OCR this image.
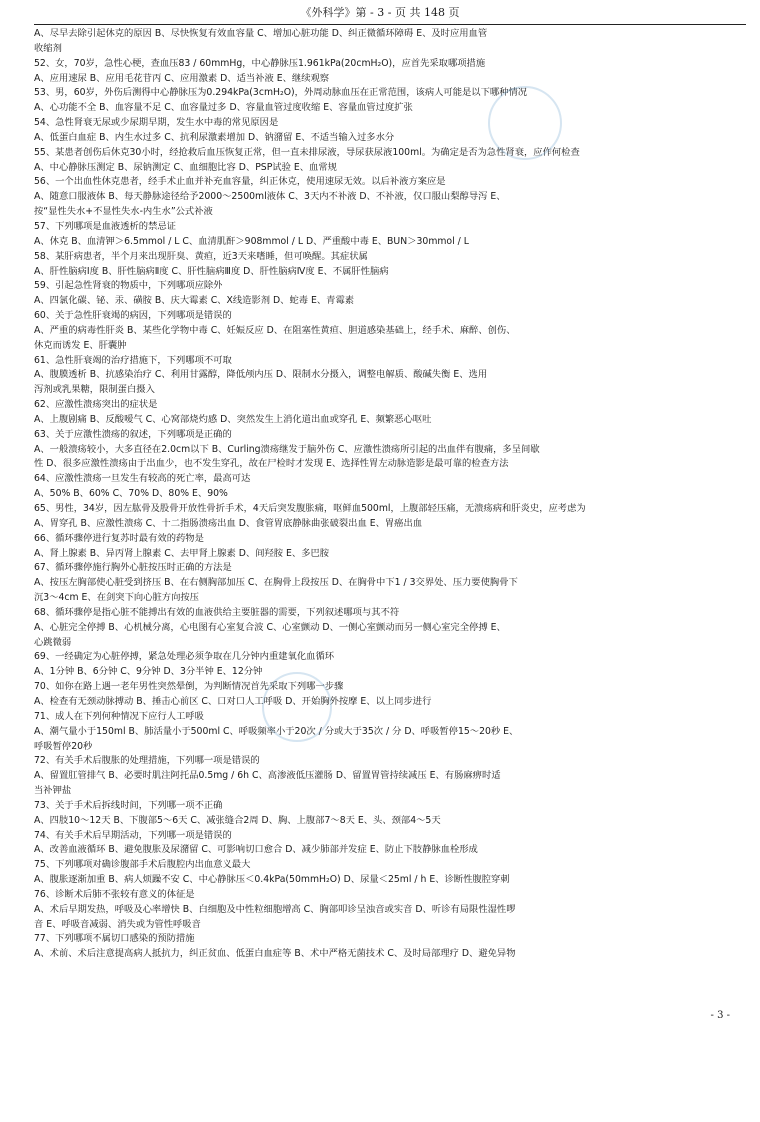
《外科学》第 - 3 - 页 共 148 页
A、尽早去除引起休克的原因 B、尽快恢复有效血容量 C、增加心脏功能 D、纠正微循环障碍 E、及时应用血管
收缩剂
52、女，70岁，急性心梗，查血压83 / 60mmHg，中心静脉压1.961kPa(20cmH₂O)，应首先采取哪项措施
A、应用速尿 B、应用毛花苷丙 C、应用激素 D、适当补液 E、继续观察
53、男，60岁，外伤后测得中心静脉压为0.294kPa(3cmH₂O)，外周动脉血压在正常范围，该病人可能是以下哪种情况
A、心功能不全 B、血容量不足 C、血容量过多 D、容量血管过度收缩 E、容量血管过度扩张
54、急性肾衰无尿或少尿期早期，发生水中毒的常见原因是
A、低蛋白血症 B、内生水过多 C、抗利尿激素增加 D、钠潴留 E、不适当输入过多水分
55、某患者创伤后休克30小时，经抢救后血压恢复正常，但一直未排尿液，导尿获尿液100ml。为确定是否为急性肾衰，应作何检查
A、中心静脉压测定 B、尿钠测定 C、血细胞比容 D、PSP试验 E、血常规
56、一个出血性休克患者，经手术止血并补充血容量，纠正休克，使用速尿无效。以后补液方案应是
A、随意口服液体 B、每天静脉途径给予2000～2500ml液体 C、3天内不补液 D、不补液，仅口服山梨醇导泻 E、
按“显性失水+不显性失水-内生水”公式补液
57、下列哪项是血液透析的禁忌证
A、休克 B、血清钾＞6.5mmol / L C、血清肌酐＞908mmol / L D、严重酸中毒 E、BUN＞30mmol / L
58、某肝病患者，半个月来出现肝臭、黄疸，近3天来嗜睡，但可唤醒。其症状属
A、肝性脑病Ⅰ度 B、肝性脑病Ⅱ度 C、肝性脑病Ⅲ度 D、肝性脑病Ⅳ度 E、不属肝性脑病
59、引起急性肾衰的物质中，下列哪项应除外
A、四氯化碳、铋、汞、磺胺 B、庆大霉素 C、X线造影剂 D、蛇毒 E、青霉素
60、关于急性肝衰竭的病因，下列哪项是错误的
A、严重的病毒性肝炎 B、某些化学物中毒 C、妊娠反应 D、在阻塞性黄疸、胆道感染基础上，经手术、麻醉、创伤、
休克而诱发 E、肝囊肿
61、急性肝衰竭的治疗措施下，下列哪项不可取
A、腹膜透析 B、抗感染治疗 C、利用甘露醇，降低颅内压 D、限制水分摄入，调整电解质、酸碱失衡 E、选用
泻剂或乳果糖，限制蛋白摄入
62、应激性溃疡突出的症状是
A、上腹剧痛 B、反酸嗳气 C、心窝部烧灼感 D、突然发生上消化道出血或穿孔 E、频繁恶心呕吐
63、关于应激性溃疡的叙述，下列哪项是正确的
A、一般溃疡较小，大多直径在2.0cm以下 B、Curling溃疡继发于脑外伤 C、应激性溃疡所引起的出血伴有腹痛，多呈间歇
性 D、很多应激性溃疡由于出血少，也不发生穿孔，故在尸检时才发现 E、选择性胃左动脉造影是最可靠的检查方法
64、应激性溃疡一旦发生有较高的死亡率，最高可达
A、50% B、60% C、70% D、80% E、90%
65、男性，34岁，因左肱骨及股骨开放性骨折手术，4天后突发腹胀痛，呕鲜血500ml，上腹部轻压痛，无溃疡病和肝炎史，应考虑为
A、胃穿孔 B、应激性溃疡 C、十二指肠溃疡出血 D、食管胃底静脉曲张破裂出血 E、胃癌出血
66、循环骤停进行复苏时最有效的药物是
A、肾上腺素 B、异丙肾上腺素 C、去甲肾上腺素 D、间羟胺 E、多巴胺
67、循环骤停施行胸外心脏按压时正确的方法是
A、按压左胸部使心脏受到挤压 B、在右侧胸部加压 C、在胸骨上段按压 D、在胸骨中下1 / 3交界处、压力要使胸骨下
沉3～4cm E、在剑突下向心脏方向按压
68、循环骤停是指心脏不能搏出有效的血液供给主要脏器的需要，下列叙述哪项与其不符
A、心脏完全停搏 B、心机械分离，心电图有心室复合波 C、心室颤动 D、一侧心室颤动而另一侧心室完全停搏 E、
心跳微弱
69、一经确定为心脏停搏，紧急处理必须争取在几分钟内重建氧化血循环
A、1分钟 B、6分钟 C、9分钟 D、3分半钟 E、12分钟
70、如你在路上遇一老年男性突然晕倒，为判断情况首先采取下列哪一步骤
A、检查有无颈动脉搏动 B、捶击心前区 C、口对口人工呼吸 D、开始胸外按摩 E、以上同步进行
71、成人在下列何种情况下应行人工呼吸
A、潮气量小于150ml B、肺活量小于500ml C、呼吸频率小于20次 / 分或大于35次 / 分 D、呼吸暂停15～20秒 E、
呼吸暂停20秒
72、有关手术后腹胀的处理措施，下列哪一项是错误的
A、留置肛管排气 B、必要时肌注阿托品0.5mg / 6h C、高渗液低压灌肠 D、留置胃管持续减压 E、有肠麻痹时适
当补钾盐
73、关于手术后拆线时间，下列哪一项不正确
A、四肢10～12天 B、下腹部5～6天 C、减张缝合2周 D、胸、上腹部7～8天 E、头、颈部4～5天
74、有关手术后早期活动，下列哪一项是错误的
A、改善血液循环 B、避免腹胀及尿潴留 C、可影响切口愈合 D、减少肺部并发症 E、防止下肢静脉血栓形成
75、下列哪项对确诊腹部手术后腹腔内出血意义最大
A、腹胀逐渐加重 B、病人烦躁不安 C、中心静脉压＜0.4kPa(50mmH₂O) D、尿量＜25ml / h E、诊断性腹腔穿刺
76、诊断术后肺不张较有意义的体征是
A、术后早期发热，呼吸及心率增快 B、白细胞及中性粒细胞增高 C、胸部叩诊呈浊音或实音 D、听诊有局限性湿性啰
音 E、呼吸音减弱、消失或为管性呼吸音
77、下列哪项不属切口感染的预防措施
A、术前、术后注意提高病人抵抗力，纠正贫血、低蛋白血症等 B、术中严格无菌技术 C、及时局部理疗 D、避免异物
- 3 -
